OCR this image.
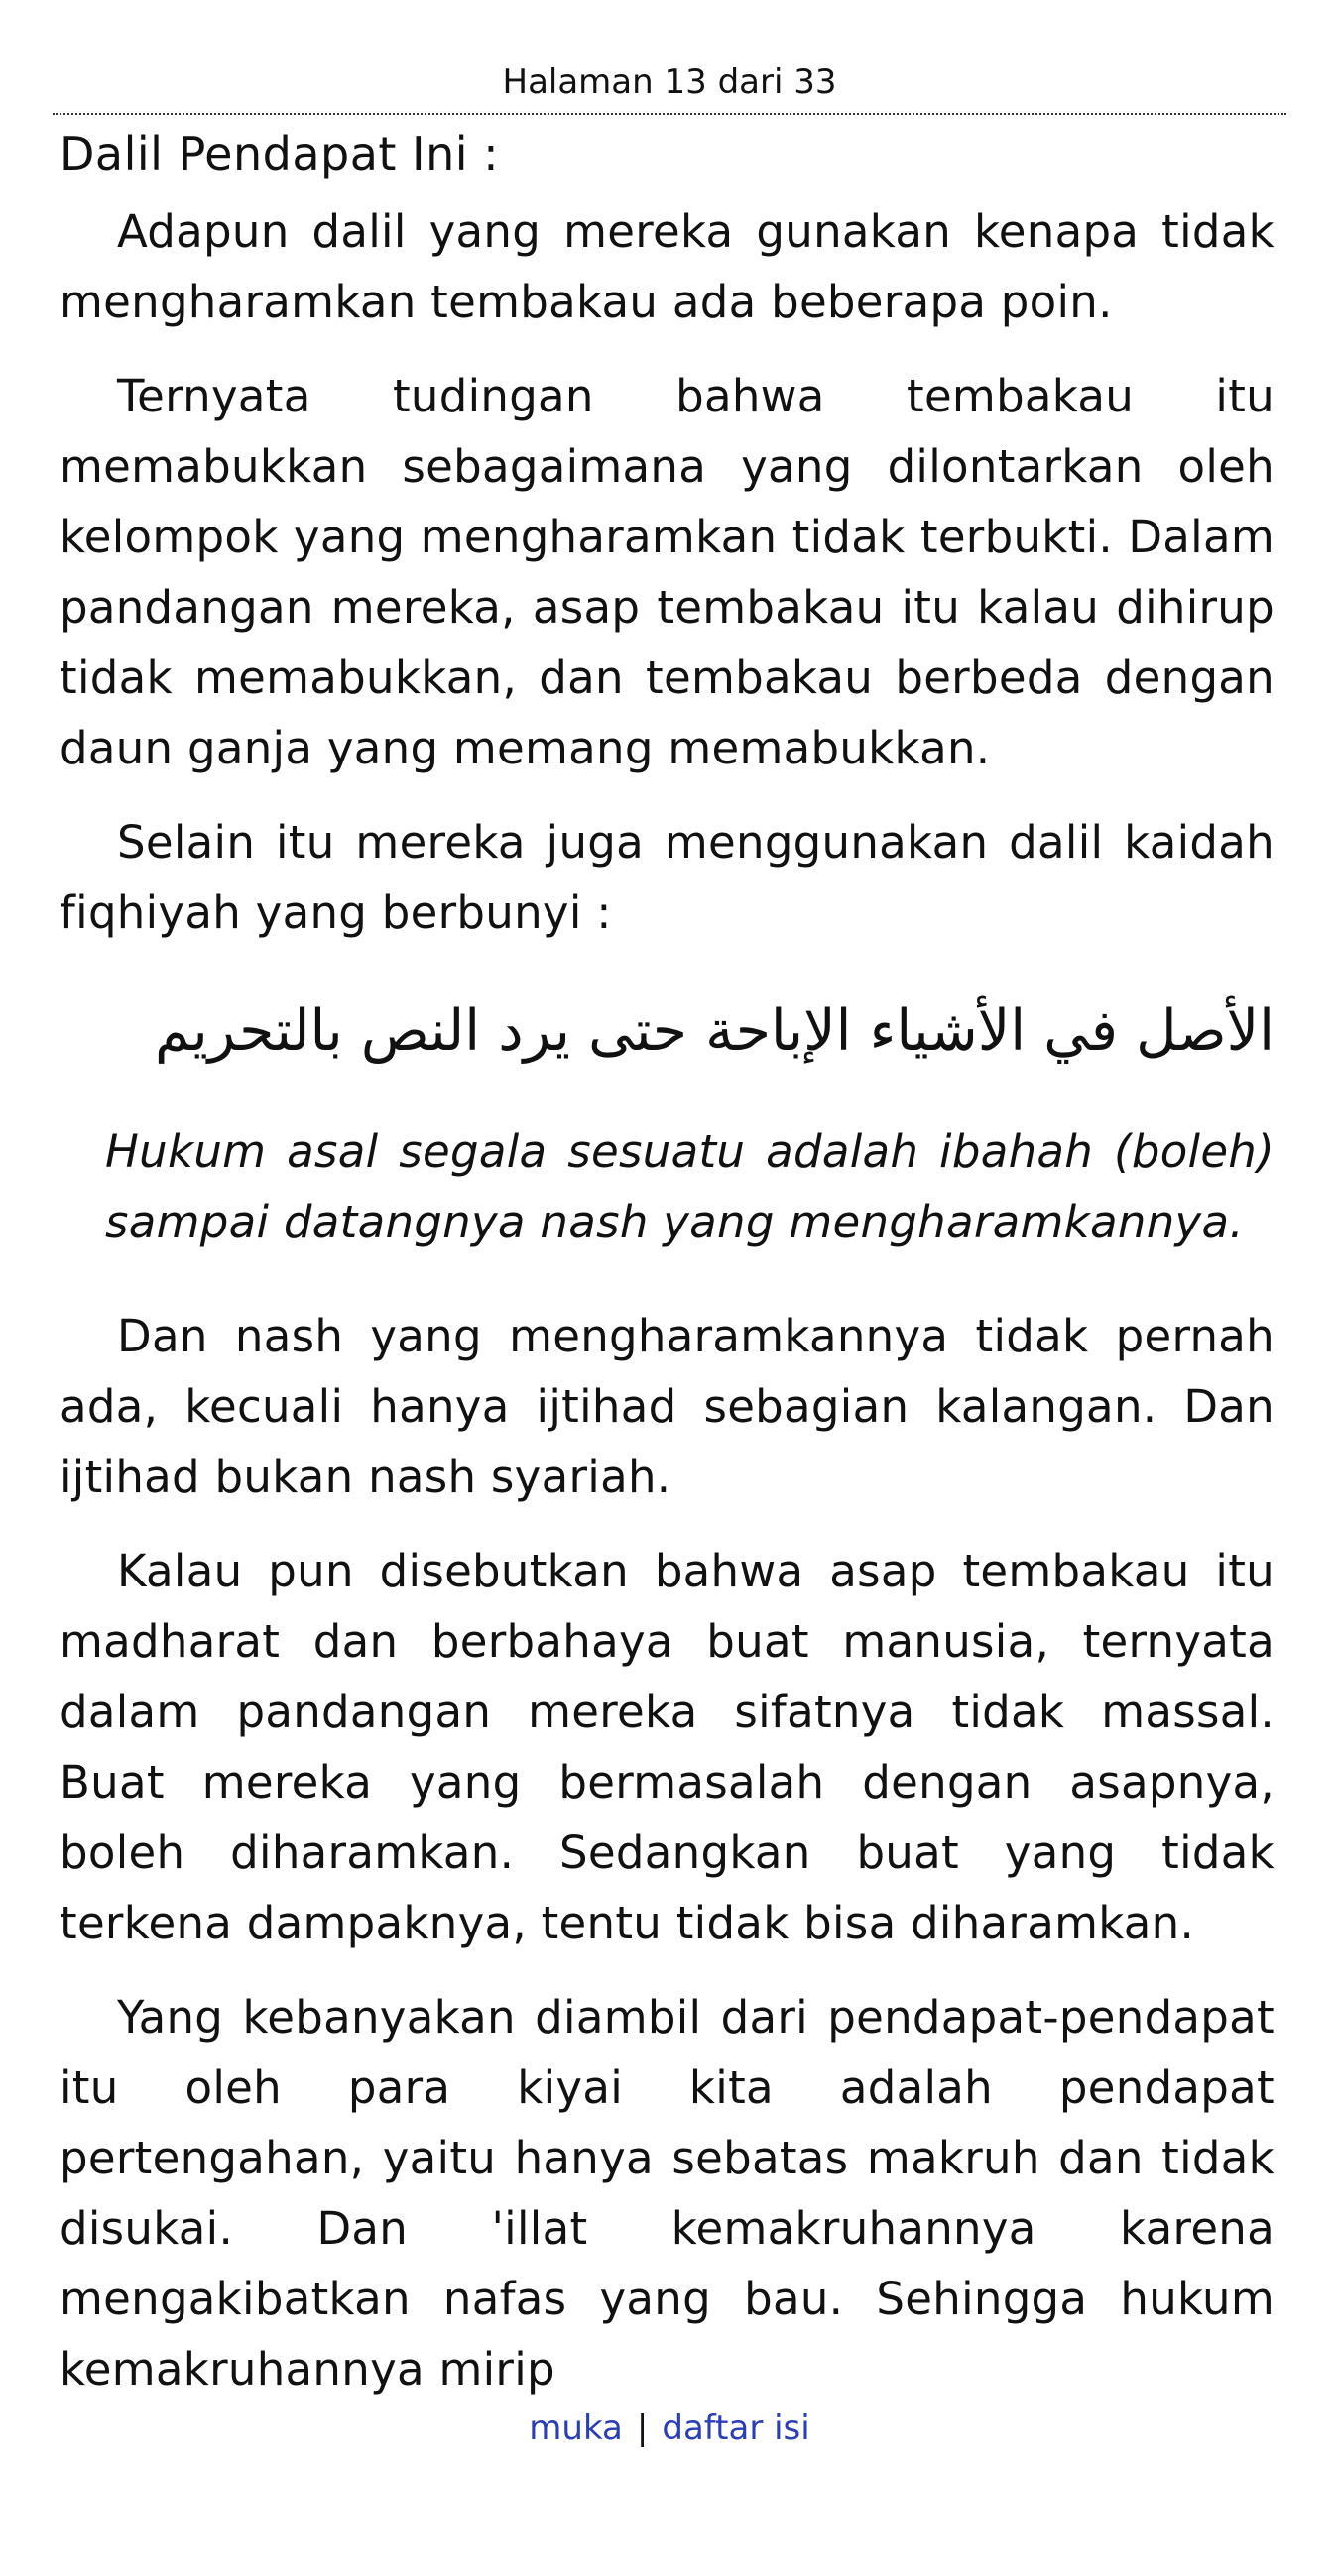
Halaman 13 dari 33
Dalil Pendapat Ini :

Adapun dalil yang mereka gunakan kenapa tidak mengharamkan tembakau ada beberapa poin.

Ternyata tudingan bahwa tembakau itu memabukkan sebagaimana yang dilontarkan oleh kelompok yang mengharamkan tidak terbukti. Dalam pandangan mereka, asap tembakau itu kalau dihirup tidak memabukkan, dan tembakau berbeda dengan daun ganja yang memang memabukkan.

Selain itu mereka juga menggunakan dalil kaidah fiqhiyah yang berbunyi :

الأصل في الأشياء الإباحة حتى يرد النص بالتحريم

Hukum asal segala sesuatu adalah ibahah (boleh) sampai datangnya nash yang mengharamkannya.

Dan nash yang mengharamkannya tidak pernah ada, kecuali hanya ijtihad sebagian kalangan. Dan ijtihad bukan nash syariah.

Kalau pun disebutkan bahwa asap tembakau itu madharat dan berbahaya buat manusia, ternyata dalam pandangan mereka sifatnya tidak massal. Buat mereka yang bermasalah dengan asapnya, boleh diharamkan. Sedangkan buat yang tidak terkena dampaknya, tentu tidak bisa diharamkan.

Yang kebanyakan diambil dari pendapat-pendapat itu oleh para kiyai kita adalah pendapat pertengahan, yaitu hanya sebatas makruh dan tidak disukai. Dan 'illat kemakruhannya karena mengakibatkan nafas yang bau. Sehingga hukum kemakruhannya mirip

muka | daftar isi
